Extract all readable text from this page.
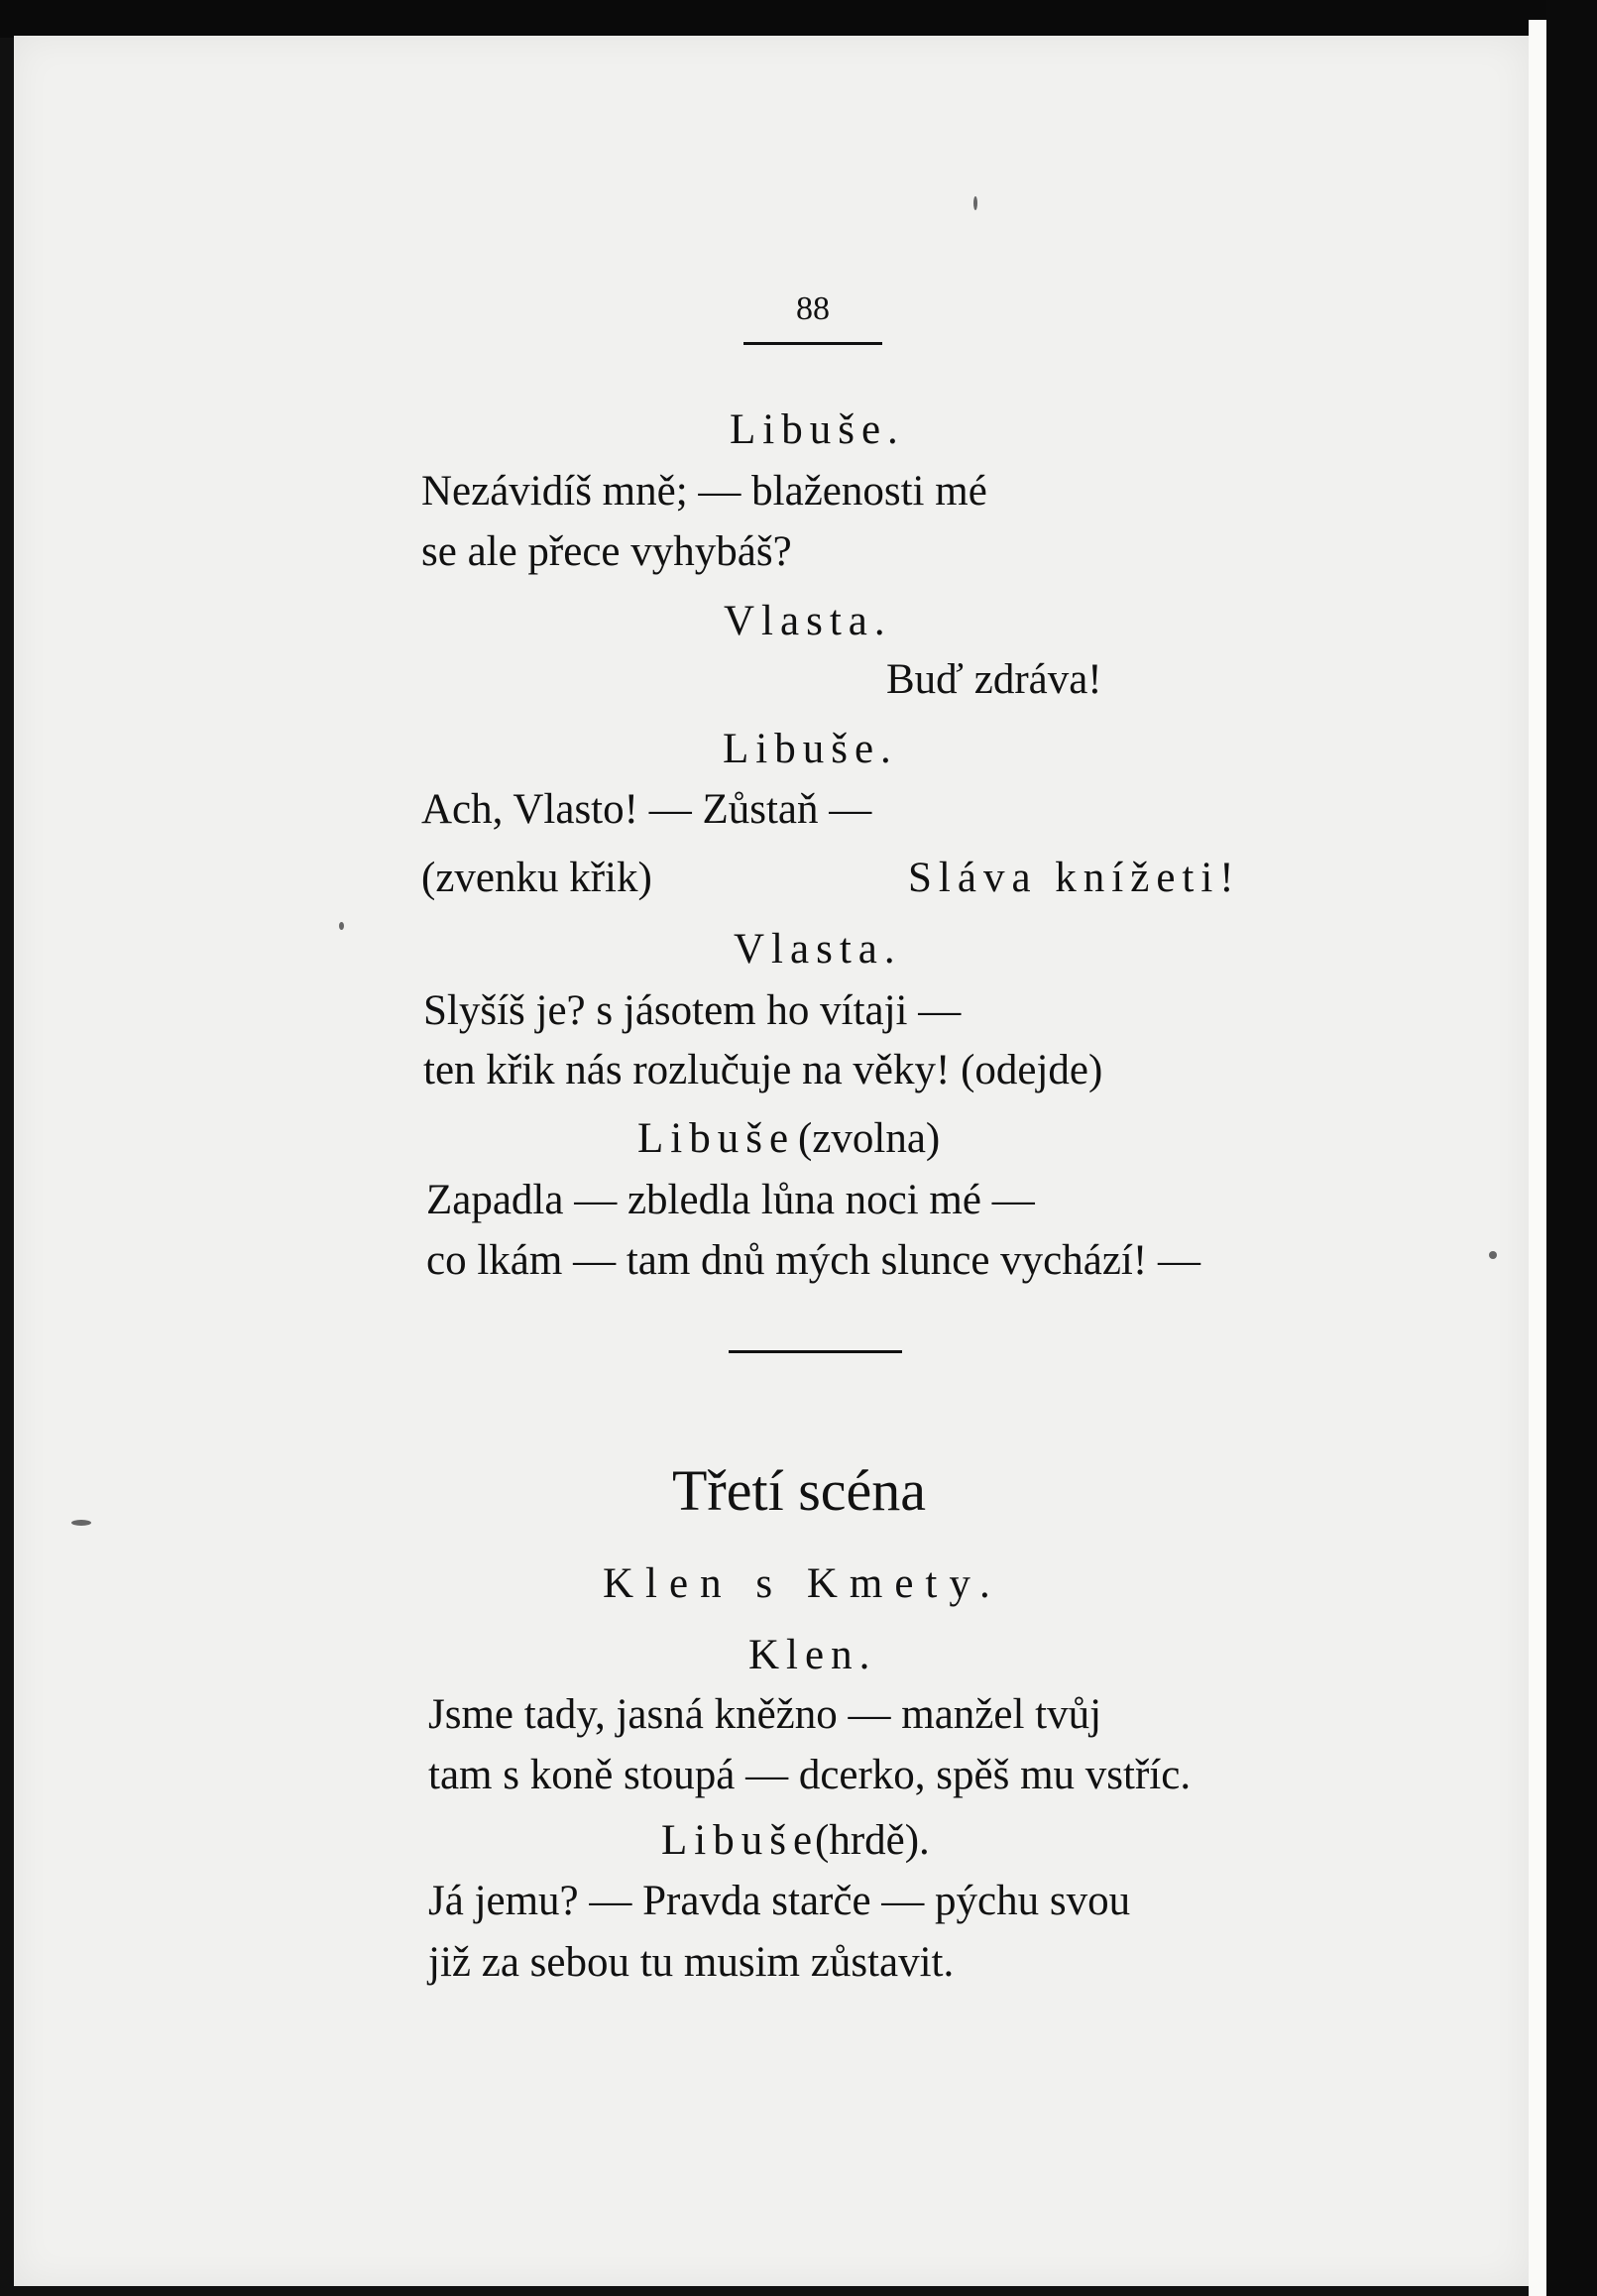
88
Libuše.
Nezávidíš mně; — blaženosti mé
se ale přece vyhybáš?
Vlasta.
Buď zdráva!
Libuše.
Ach, Vlasto! — Zůstaň —
(zvenku křik)	Sláva knížeti!
Vlasta.
Slyšíš je? s jásotem ho vítaji —
ten křik nás rozlučuje na věky! (odejde)
Libuše (zvolna)
Zapadla — zbledla lůna noci mé —
co lkám — tam dnů mých slunce vychází! —
Třetí scéna
Klen s Kmety.
Klen.
Jsme tady, jasná kněžno — manžel tvůj
tam s koně stoupá — dcerko, spěš mu vstříc.
Libuše
(hrdě).
Já jemu? — Pravda starče — pýchu svou
již za sebou tu musim zůstavit.
